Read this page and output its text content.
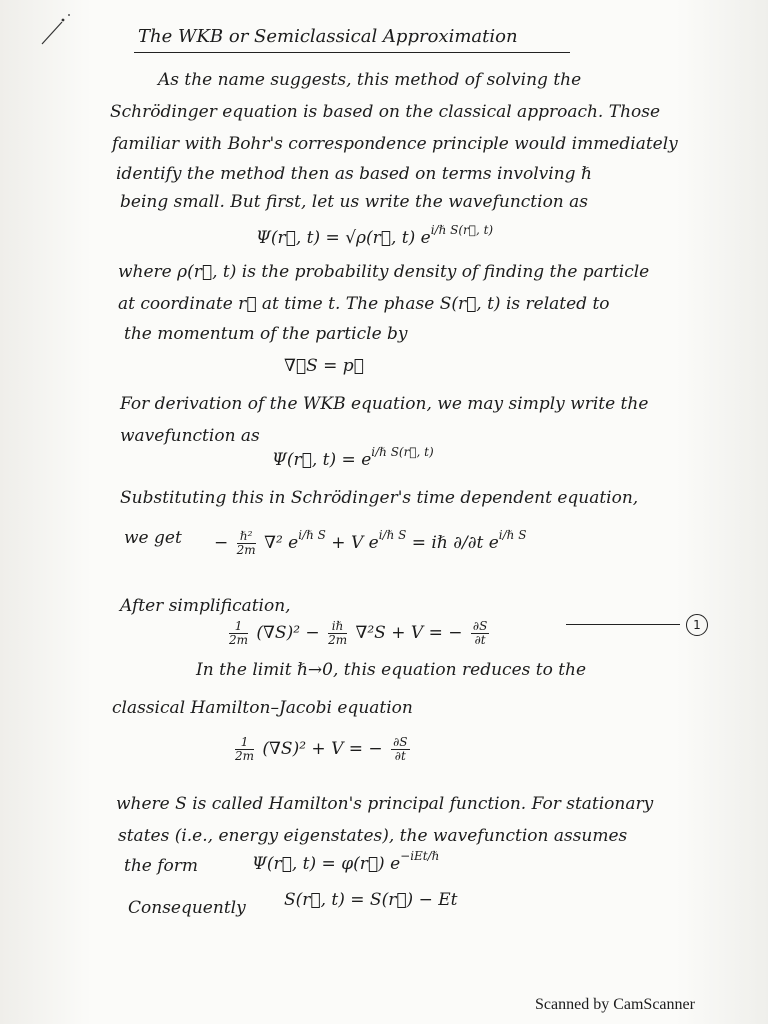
The WKB or Semiclassical Approximation
As the name suggests, this method of solving the
Schrödinger equation is based on the classical approach. Those
familiar with Bohr's correspondence principle would immediately
identify the method then as based on terms involving ℏ
being small. But first, let us write the wavefunction as
Ψ(r⃗, t) = √ρ(r⃗, t) $e^{i/\hbar S(r⃗, t)}$
where ρ(r⃗, t) is the probability density of finding the particle
at coordinate r⃗ at time t. The phase S(r⃗, t) is related to
the momentum of the particle by
∇⃗S = p⃗
For derivation of the WKB equation, we may simply write the
wavefunction as
Ψ(r⃗, $t) = e^{i/\hbar S(r⃗, t)}$
Substituting this in Schrödinger's time dependent equation,
we get − $\frac{\text{ℏ²}}{2m} \nabla^2$ $e^{i/\hbar S} + V$ $e^{i/\hbar S}$ = iℏ ∂/∂t $e^{i/\hbar S}$
After simplification,
$\frac{1}{2m} (\nabla S)^2 - \frac{\text{iℏ}}{2m} \nabla^2S + V$ = − $\frac{\partial S}{\partial t}$	1
In the limit ℏ→0, this equation reduces to the
classical Hamilton–Jacobi equation
$\frac{1}{2m} (\nabla S)^2 + V$ = − $\frac{\partial S}{\partial t}$
where S is called Hamilton's principal function. For stationary
states (i.e., energy eigenstates), the wavefunction assumes
the form	Ψ(r⃗, t) = φ(r⃗) $e^{-iEt/\hbar}$
Consequently S(r⃗, t) = S(r⃗) − Et
Scanned by CamScanner
